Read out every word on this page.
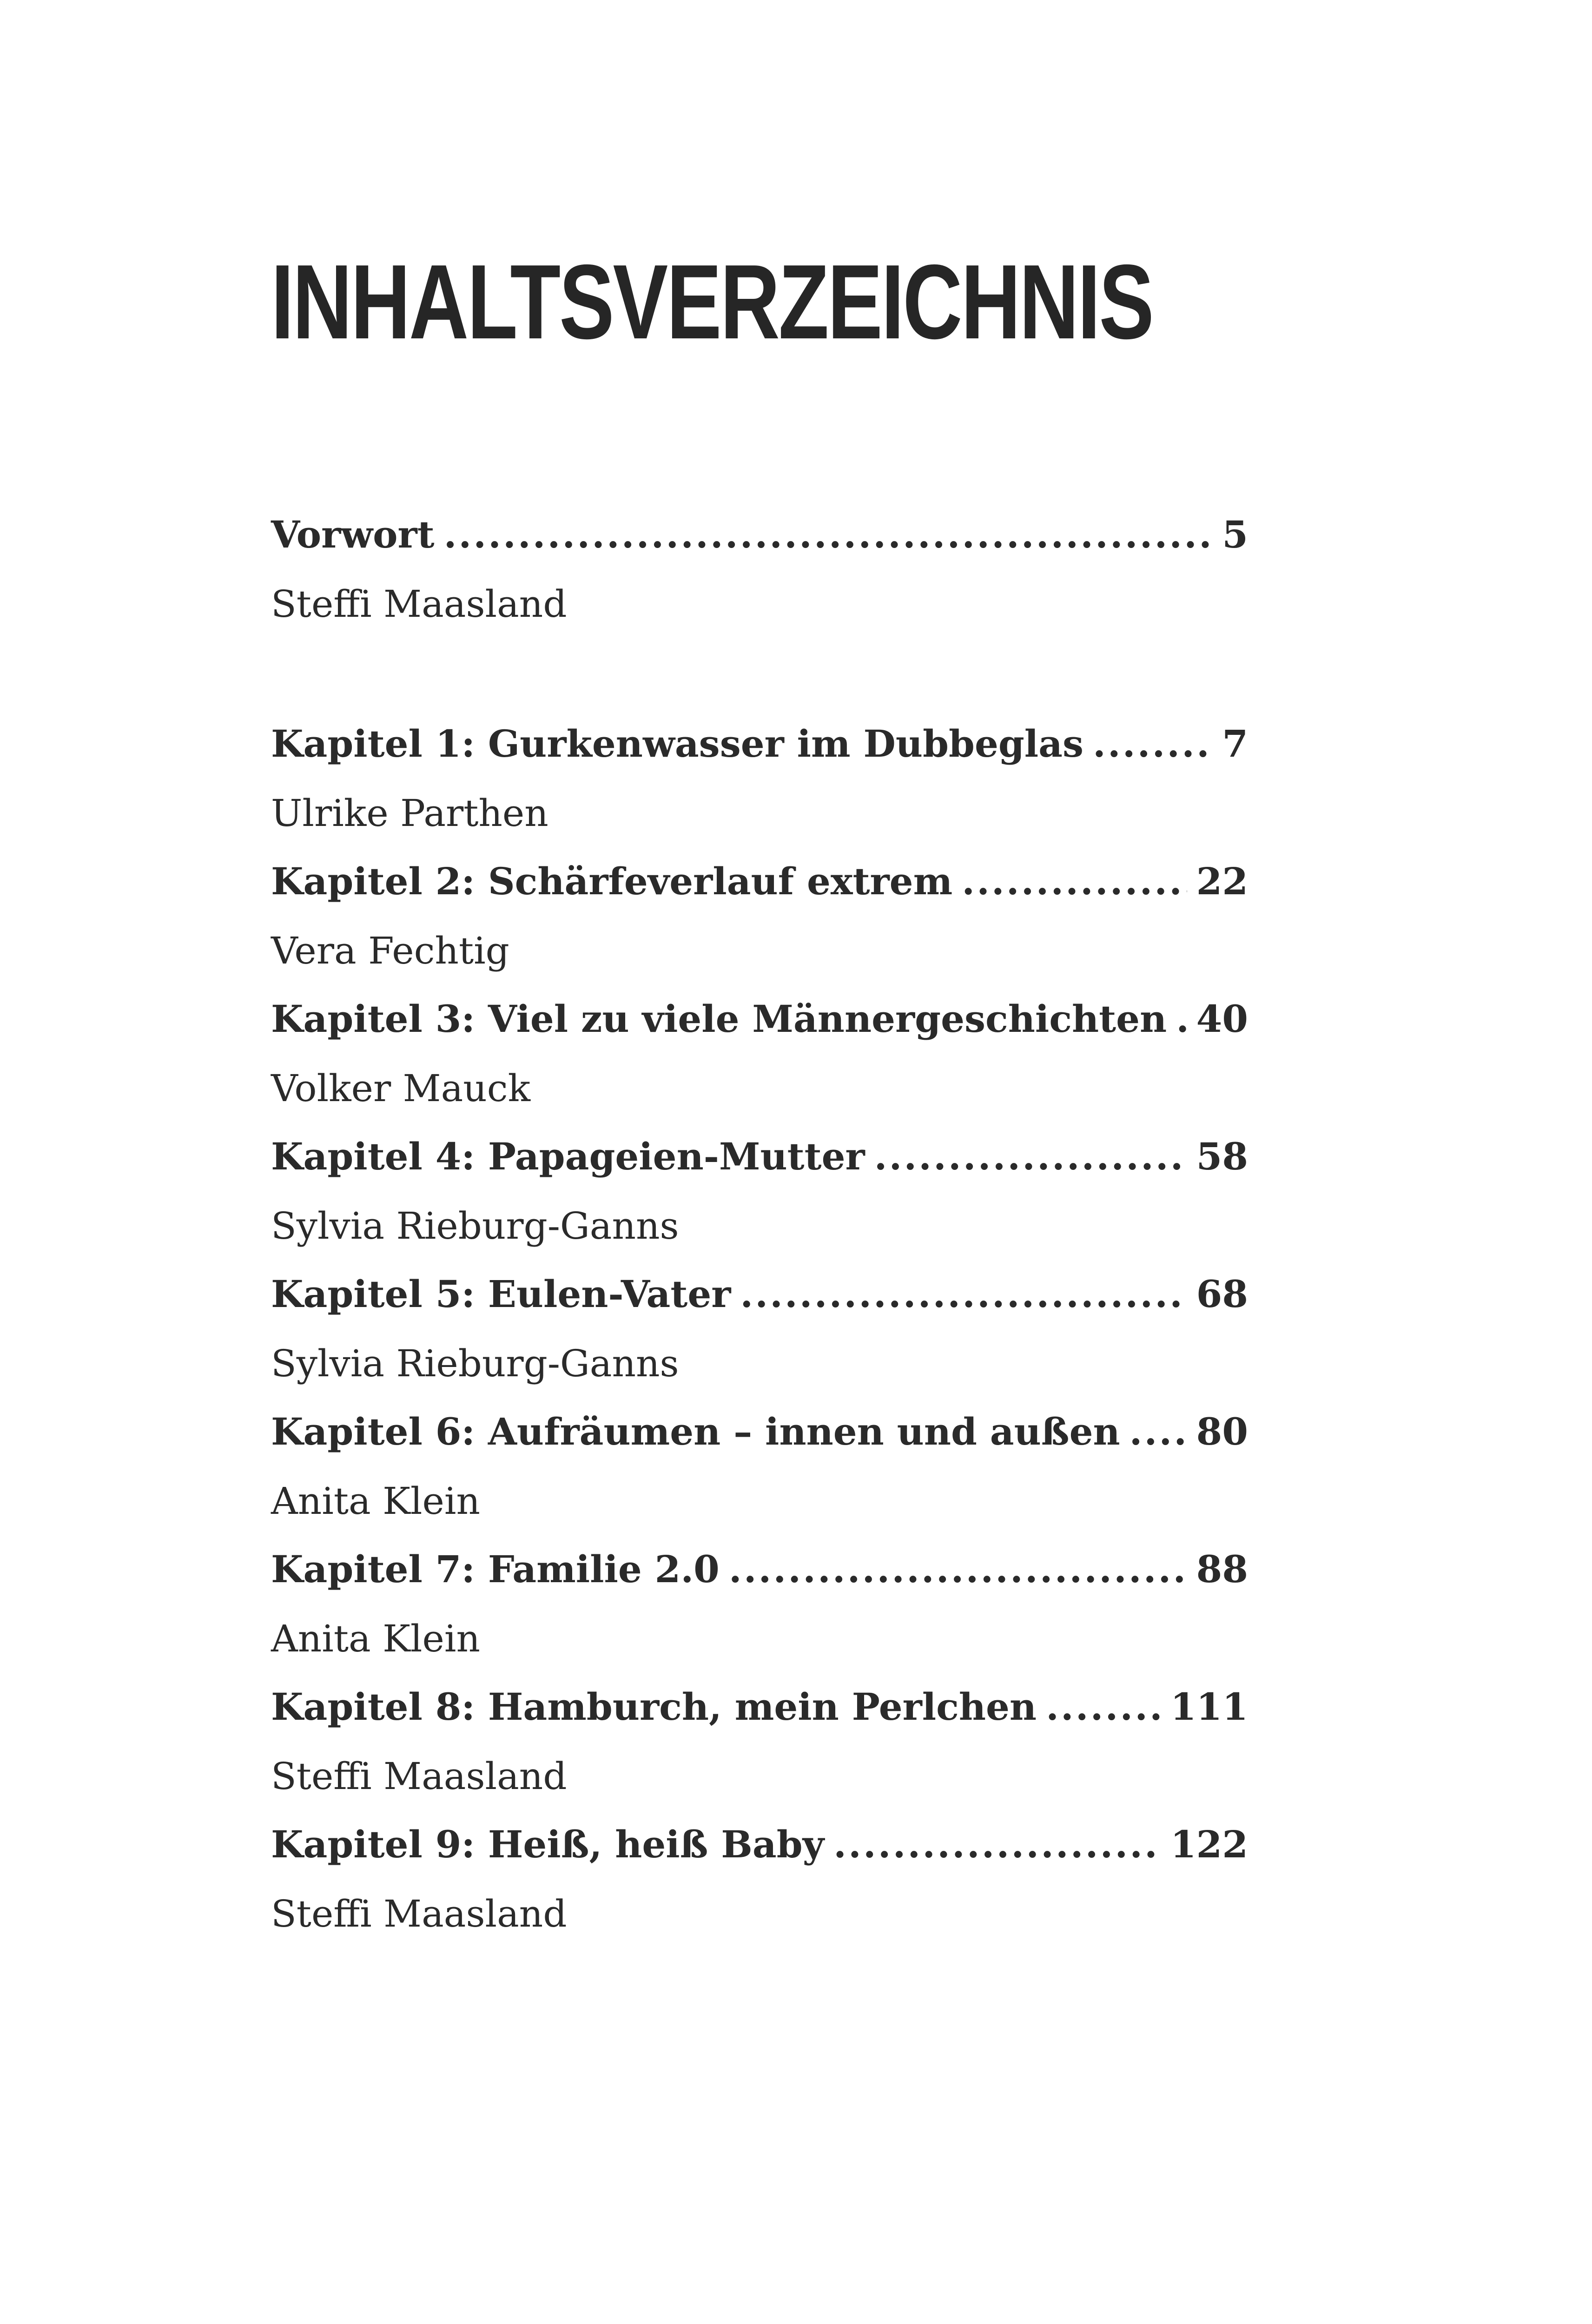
INHALTSVERZEICHNIS
Vorwort .....	5
Steffi Maasland
Kapitel 1: Gurkenwasser im Dubbeglas .....	7
Ulrike Parthen
Kapitel 2: Schärfeverlauf extrem .....	22
Vera Fechtig
Kapitel 3: Viel zu viele Männergeschichten ..... 40
Volker Mauck
Kapitel 4: Papageien-Mutter .....	58
Sylvia Rieburg-Ganns
Kapitel 5: Eulen-Vater .....	68
Sylvia Rieburg-Ganns
Kapitel 6: Aufräumen – innen und außen ..... 80
Anita Klein
Kapitel 7: Familie 2.0 .....	88
Anita Klein
Kapitel 8: Hamburch, mein Perlchen .....	111
Steffi Maasland
Kapitel 9: Heiß, heiß Baby .....	122
Steffi Maasland
